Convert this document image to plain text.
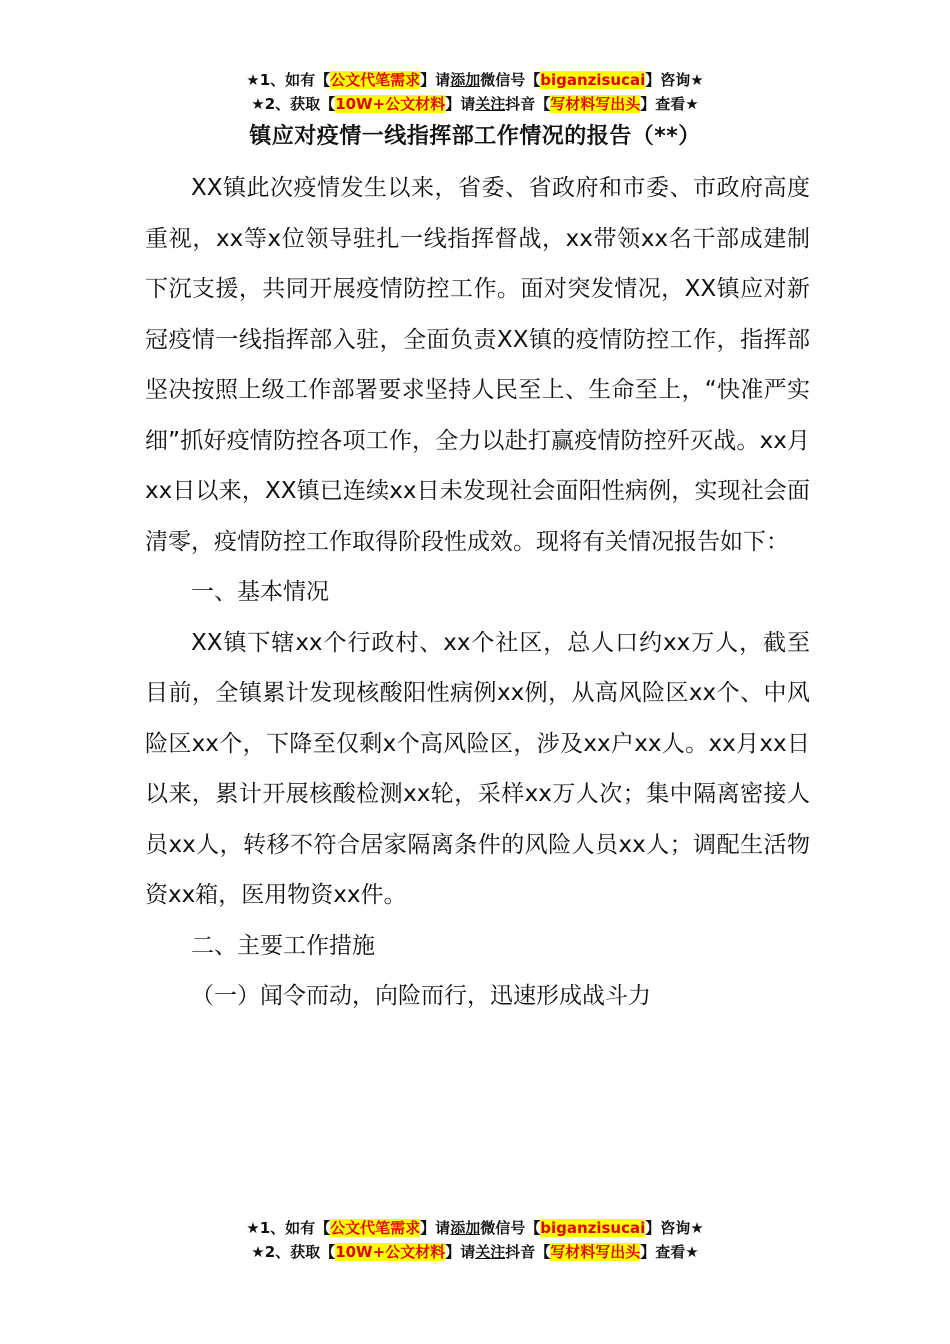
★1、如有【公文代笔需求】请添加微信号【biganzisucai】咨询★
★2、获取【10W+公文材料】请关注抖音【写材料写出头】查看★
镇应对疫情一线指挥部工作情况的报告（**）

XX镇此次疫情发生以来，省委、省政府和市委、市政府高度重视，xx等x位领导驻扎一线指挥督战，xx带领xx名干部成建制下沉支援，共同开展疫情防控工作。面对突发情况，XX镇应对新冠疫情一线指挥部入驻，全面负责XX镇的疫情防控工作，指挥部坚决按照上级工作部署要求坚持人民至上、生命至上，“快准严实细”抓好疫情防控各项工作，全力以赴打赢疫情防控歼灭战。xx月xx日以来，XX镇已连续xx日未发现社会面阳性病例，实现社会面清零，疫情防控工作取得阶段性成效。现将有关情况报告如下：

一、基本情况

XX镇下辖xx个行政村、xx个社区，总人口约xx万人，截至目前，全镇累计发现核酸阳性病例xx例，从高风险区xx个、中风险区xx个，下降至仅剩x个高风险区，涉及xx户xx人。xx月xx日以来，累计开展核酸检测xx轮，采样xx万人次；集中隔离密接人员xx人，转移不符合居家隔离条件的风险人员xx人；调配生活物资xx箱，医用物资xx件。

二、主要工作措施

（一）闻令而动，向险而行，迅速形成战斗力

★1、如有【公文代笔需求】请添加微信号【biganzisucai】咨询★
★2、获取【10W+公文材料】请关注抖音【写材料写出头】查看★
